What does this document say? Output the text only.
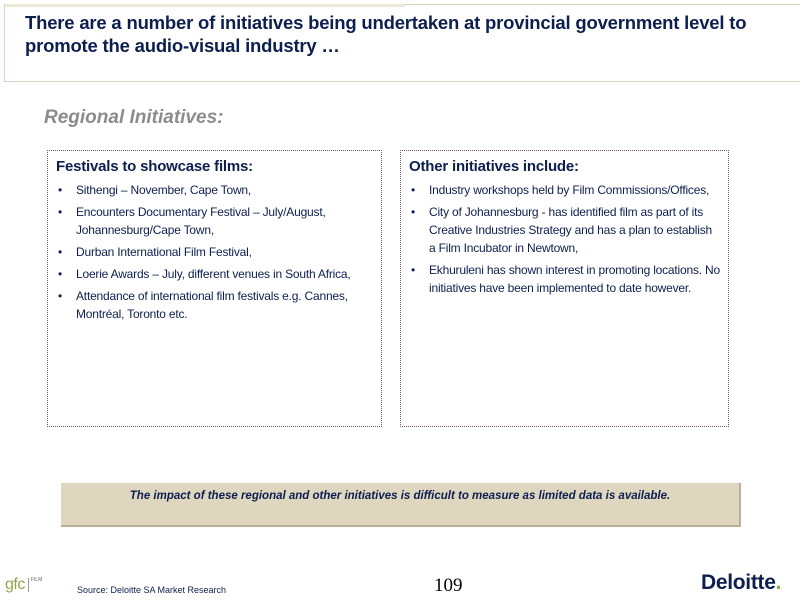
There are a number of initiatives being undertaken at provincial government level to promote the audio-visual industry …
Regional Initiatives:
Festivals to showcase films:
• Sithengi – November, Cape Town,
• Encounters Documentary Festival – July/August, Johannesburg/Cape Town,
• Durban International Film Festival,
• Loerie Awards – July, different venues in South Africa,
• Attendance of international film festivals e.g. Cannes, Montréal, Toronto etc.
Other initiatives include:
• Industry workshops held by Film Commissions/Offices,
• City of Johannesburg - has identified film as part of its Creative Industries Strategy and has a plan to establish a Film Incubator in Newtown,
• Ekhuruleni has shown interest in promoting locations. No initiatives have been implemented to date however.
The impact of these regional and other initiatives is difficult to measure as limited data is available.
gfc	FILM
Source: Deloitte SA Market Research	109	Deloitte.
